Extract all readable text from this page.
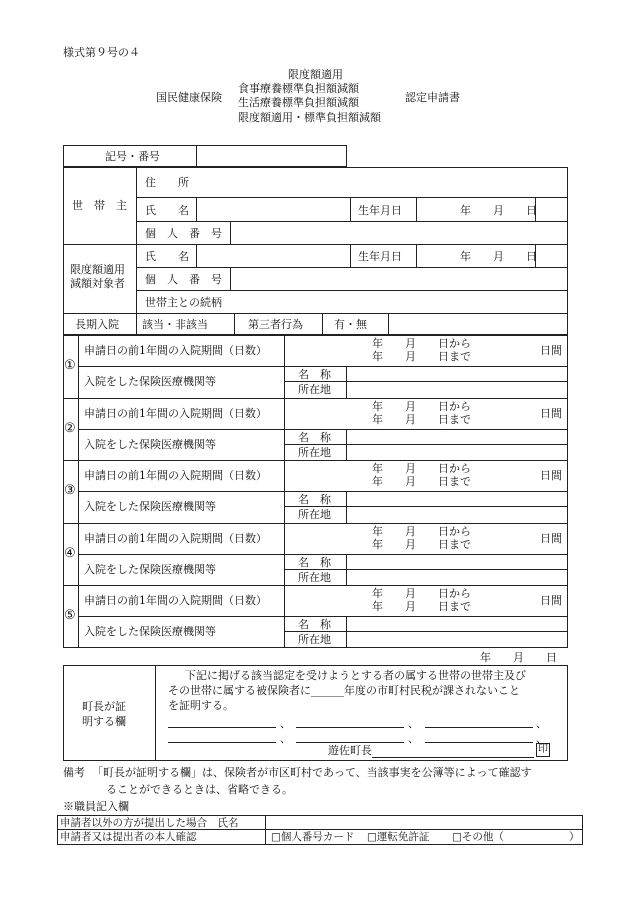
様式第９号の４
限度額適用
国民健康保険
食事療養標準負担額減額
生活療養標準負担額減額	認定申請書
限度額適用・標準負担額減額
記号・番号
世　帯　主
住　　所
氏　　名	生年月日	年　　月　　日
個　人　番　号
限度額適用
減額対象者
氏　　名	生年月日	年　　月　　日
個　人　番　号
世帯主との続柄
長期入院 該当・非該当	第三者行為	有・無
①
申請日の前1年間の入院期間（日数）
年　　月　　日から
年　　月　　日まで	日間
入院をした保険医療機関等
名　称
所在地
②
申請日の前1年間の入院期間（日数）
年　　月　　日から
年　　月　　日まで	日間
入院をした保険医療機関等
名　称
所在地
③
申請日の前1年間の入院期間（日数）
年　　月　　日から
年　　月　　日まで	日間
入院をした保険医療機関等
名　称
所在地
④
申請日の前1年間の入院期間（日数）
年　　月　　日から
年　　月　　日まで	日間
入院をした保険医療機関等
名　称
所在地
⑤
申請日の前1年間の入院期間（日数）
年　　月　　日から
年　　月　　日まで	日間
入院をした保険医療機関等
名　称
所在地
年　　月　　日
町長が証
明する欄
下記に掲げる該当認定を受けようとする者の属する世帯の世帯主及び
その世帯に属する被保険者に______年度の市町村民税が課されないこと
を証明する。
、	、	、
、	、	、
遊佐町長	印
備考 「町長が証明する欄」は、保険者が市区町村であって、当該事実を公簿等によって確認す
ることができるときは、省略できる。
※職員記入欄
申請者以外の方が提出した場合　氏名
申請者又は提出者の本人確認	□個人番号カード □運転免許証 □その他（	）
